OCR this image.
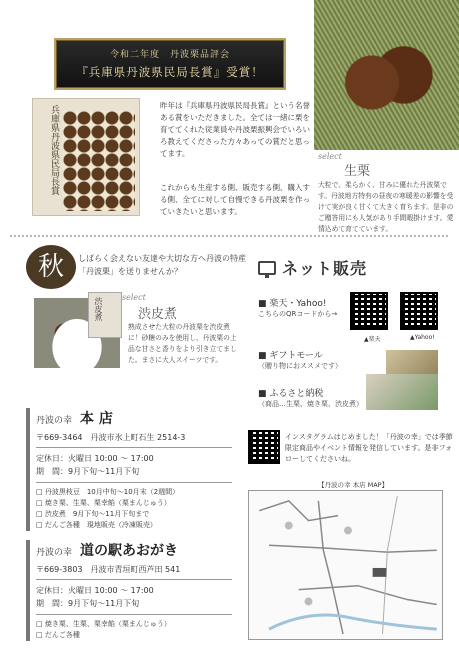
令和二年度　丹波栗品評会
『兵庫県丹波県民局長賞』受賞！
兵庫県丹波県民局長賞	昨年は『兵庫県丹波県民局長賞』という名誉ある賞をいただきました。全ては一緒に栗を育ててくれた従業員や丹波栗振興会でいろいろ教えてくださった方々あっての賞だと思ってます。

これからも生産する側、販売する側、購入する側、全てに対して自慢できる丹波栗を作っていきたいと思います。

select
生栗
大粒で、柔らかく、甘みに優れた丹波栗です。丹波地方特有の昼夜の寒暖差の影響を受けて実が良く甘くて大きく育ちます。是非のご贈答用にも人気があり手間暇掛けます。愛情込めて育てています。
秋	しばらく会えない友達や大切な方へ丹波の特産「丹波栗」を送りませんか？
渋皮煮	select
渋皮煮
熟成させた大粒の丹波栗を渋皮煮に！砂糖のみを使用し、丹波栗の上品な甘さと香りをより引き立てました。まさに大人スイーツです。
丹波の幸 本 店
〒669-3464　丹波市氷上町石生 2514-3
定休日：火曜日 10:00 ～ 17:00
期　間：9月下旬～11月下旬
□ 丹波黒枝豆　10月中旬～10月末（2週間）
□ 焼き栗、生栗、栗幸餡（栗まんじゅう）
□ 渋皮煮　9月下旬～11月下旬まで
□ だんご各種　現地販売（冷凍販売）
丹波の幸 道の駅あおがき
〒669-3803　丹波市青垣町西芦田 541
定休日：火曜日 10:00 ～ 17:00
期　間：9月下旬～11月下旬
□ 焼き栗、生栗、栗幸餡（栗まんじゅう）
□ だんご各種
ネット販売
■ 楽天・Yahoo!
こちらのQRコードから→
▲楽天	▲Yahoo!
■ ギフトモール
（贈り物におススメです）
■ ふるさと納税
（商品…生栗、焼き栗、渋皮煮）
インスタグラムはじめました！「丹波の幸」では季節限定商品やイベント情報を発信しています。是非フォローしてくださいね。
【丹波の幸 本店 MAP】
